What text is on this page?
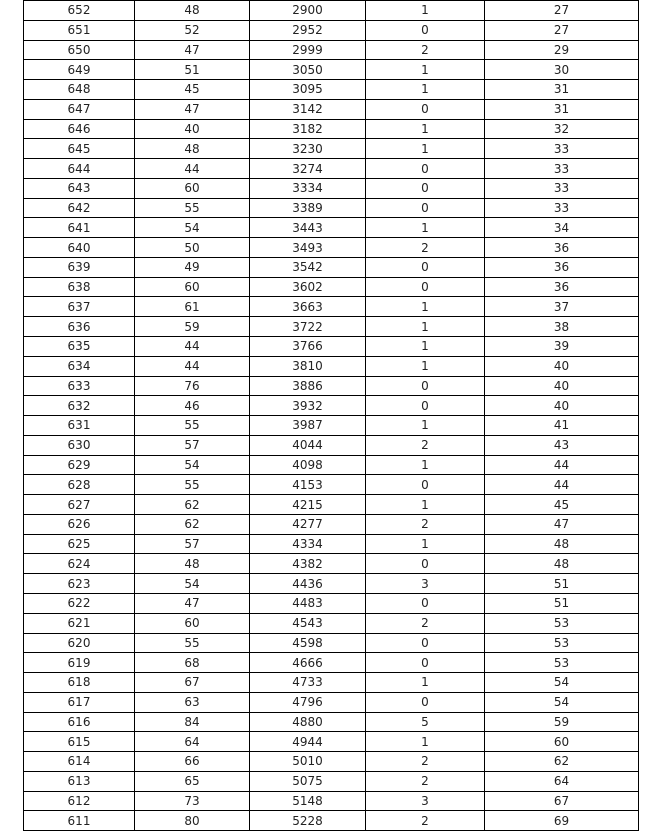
652	48	2900	1	27
651	52	2952	0	27
650	47	2999	2	29
649	51	3050	1	30
648	45	3095	1	31
647	47	3142	0	31
646	40	3182	1	32
645	48	3230	1	33
644	44	3274	0	33
643	60	3334	0	33
642	55	3389	0	33
641	54	3443	1	34
640	50	3493	2	36
639	49	3542	0	36
638	60	3602	0	36
637	61	3663	1	37
636	59	3722	1	38
635	44	3766	1	39
634	44	3810	1	40
633	76	3886	0	40
632	46	3932	0	40
631	55	3987	1	41
630	57	4044	2	43
629	54	4098	1	44
628	55	4153	0	44
627	62	4215	1	45
626	62	4277	2	47
625	57	4334	1	48
624	48	4382	0	48
623	54	4436	3	51
622	47	4483	0	51
621	60	4543	2	53
620	55	4598	0	53
619	68	4666	0	53
618	67	4733	1	54
617	63	4796	0	54
616	84	4880	5	59
615	64	4944	1	60
614	66	5010	2	62
613	65	5075	2	64
612	73	5148	3	67
611	80	5228	2	69
